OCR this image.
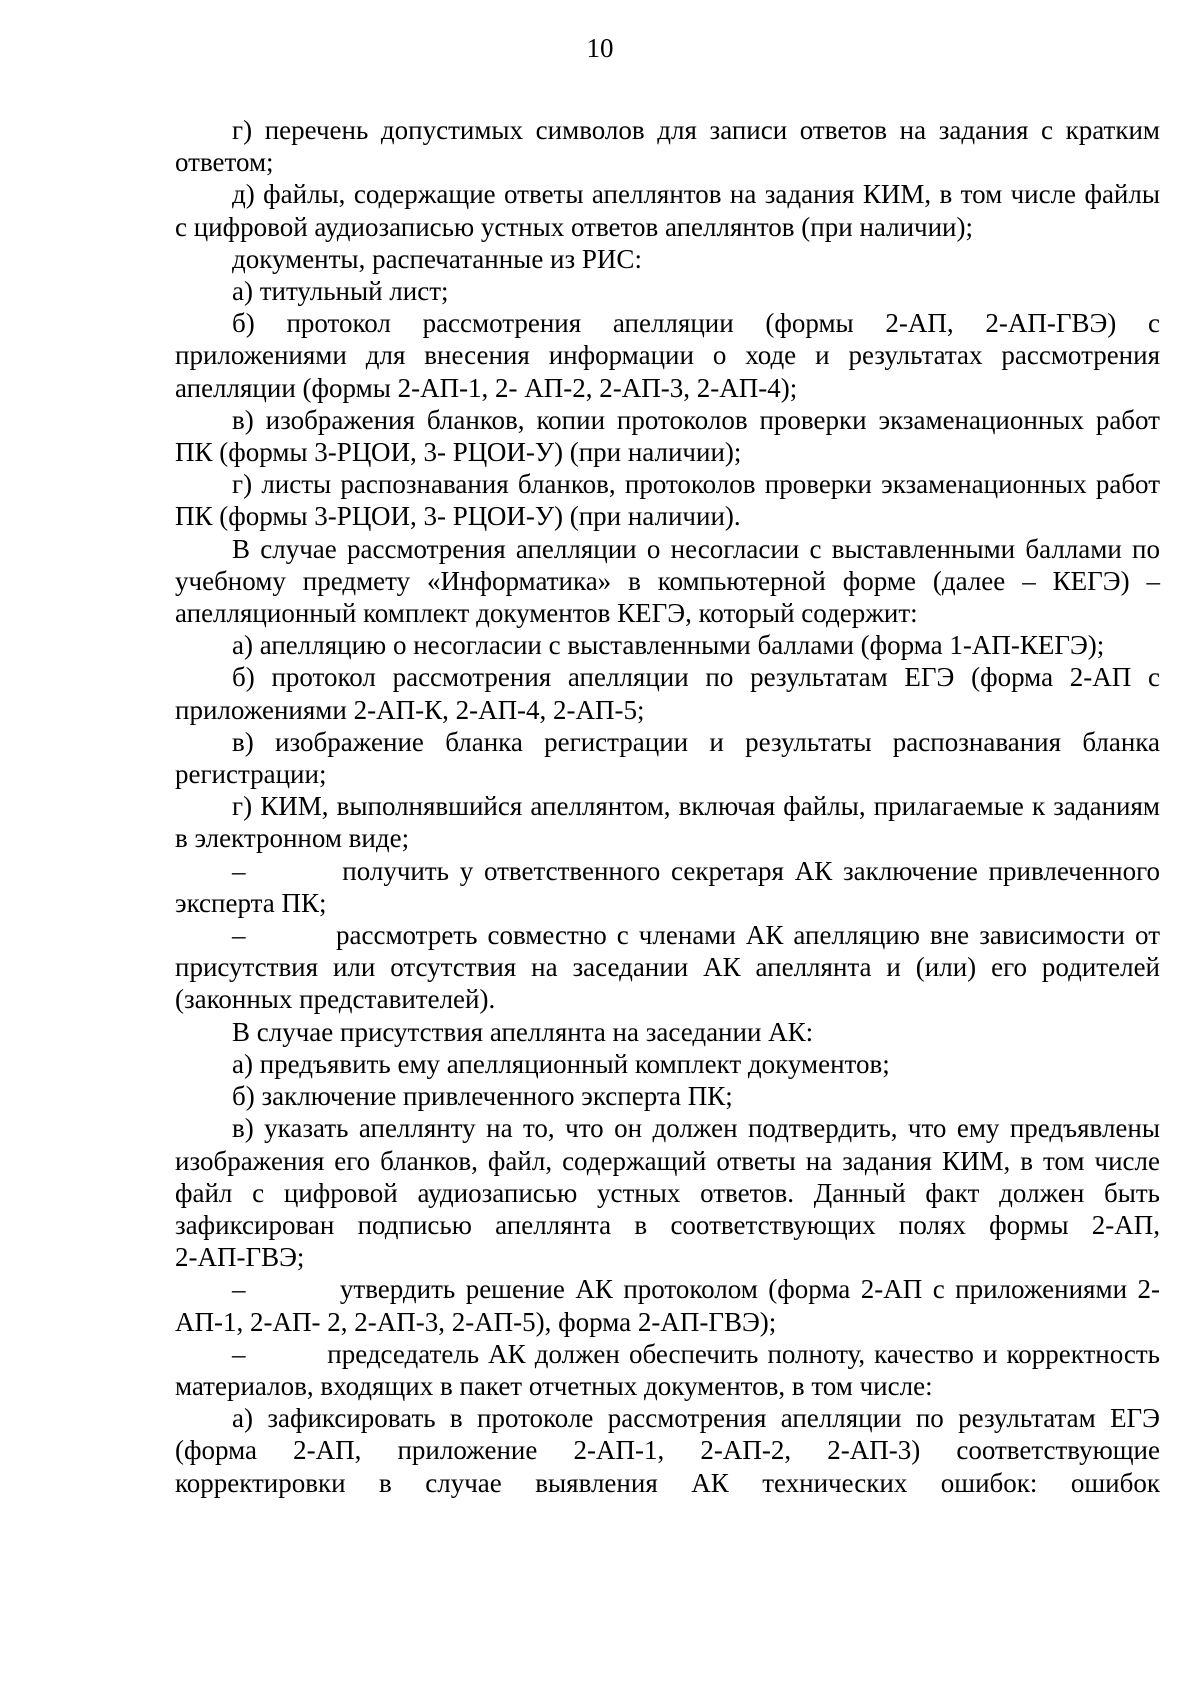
10

г) перечень допустимых символов для записи ответов на задания с кратким ответом;

д) файлы, содержащие ответы апеллянтов на задания КИМ, в том числе файлы с цифровой аудиозаписью устных ответов апеллянтов (при наличии);

документы, распечатанные из РИС:

а) титульный лист;

б) протокол рассмотрения апелляции (формы 2-АП, 2-АП-ГВЭ) с приложениями для внесения информации о ходе и результатах рассмотрения апелляции (формы 2-АП-1, 2- АП-2, 2-АП-3, 2-АП-4);

в) изображения бланков, копии протоколов проверки экзаменационных работ ПК (формы 3-РЦОИ, 3- РЦОИ-У) (при наличии);

г) листы распознавания бланков, протоколов проверки экзаменационных работ ПК (формы 3-РЦОИ, 3- РЦОИ-У) (при наличии).

В случае рассмотрения апелляции о несогласии с выставленными баллами по учебному предмету «Информатика» в компьютерной форме (далее – КЕГЭ) – апелляционный комплект документов КЕГЭ, который содержит:

а) апелляцию о несогласии с выставленными баллами (форма 1-АП-КЕГЭ);

б) протокол рассмотрения апелляции по результатам ЕГЭ (форма 2-АП с приложениями 2-АП-К, 2-АП-4, 2-АП-5;

в) изображение бланка регистрации и результаты распознавания бланка регистрации;

г) КИМ, выполнявшийся апеллянтом, включая файлы, прилагаемые к заданиям в электронном виде;

–         получить у ответственного секретаря АК заключение привлеченного эксперта ПК;

–         рассмотреть совместно с членами АК апелляцию вне зависимости от присутствия или отсутствия на заседании АК апеллянта и (или) его родителей (законных представителей).

В случае присутствия апеллянта на заседании АК:

а) предъявить ему апелляционный комплект документов;

б) заключение привлеченного эксперта ПК;

в) указать апеллянту на то, что он должен подтвердить, что ему предъявлены изображения его бланков, файл, содержащий ответы на задания КИМ, в том числе файл с цифровой аудиозаписью устных ответов. Данный факт должен быть зафиксирован подписью апеллянта в соответствующих полях формы 2-АП,

2-АП-ГВЭ;

–         утвердить решение АК протоколом (форма 2-АП с приложениями 2-АП-1, 2-АП- 2, 2-АП-3, 2-АП-5), форма 2-АП-ГВЭ);

–         председатель АК должен обеспечить полноту, качество и корректность материалов, входящих в пакет отчетных документов, в том числе:

а) зафиксировать в протоколе рассмотрения апелляции по результатам ЕГЭ (форма 2-АП, приложение 2-АП-1, 2-АП-2, 2-АП-3) соответствующие корректировки в случае выявления АК технических ошибок: ошибок
